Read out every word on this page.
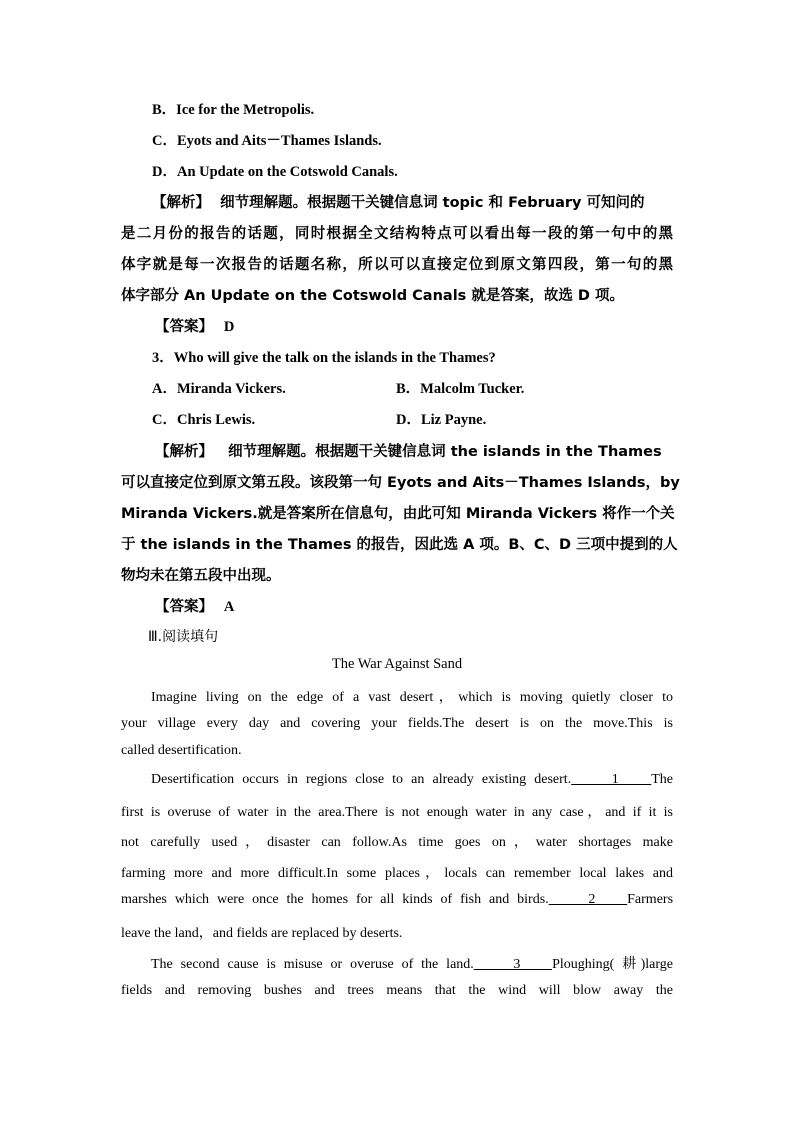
B．Ice for the Metropolis.
C．Eyots and Aits－Thames Islands.
D．An Update on the Cotswold Canals.
【解析】 细节理解题。根据题干关键信息词 topic 和 February 可知问的
是二月份的报告的话题，同时根据全文结构特点可以看出每一段的第一句中的黑
体字就是每一次报告的话题名称，所以可以直接定位到原文第四段，第一句的黑
体字部分 An Update on the Cotswold Canals 就是答案，故选 D 项。
【答案】 D
3．Who will give the talk on the islands in the Thames?
A．Miranda Vickers.	B．Malcolm Tucker.
C．Chris Lewis.	D．Liz Payne.
【解析】 细节理解题。根据题干关键信息词 the islands in the Thames
可以直接定位到原文第五段。该段第一句 Eyots and Aits－Thames Islands，by
Miranda Vickers.就是答案所在信息句，由此可知 Miranda Vickers 将作一个关
于 the islands in the Thames 的报告，因此选 A 项。B、C、D 三项中提到的人
物均未在第五段中出现。
【答案】 A
Ⅲ.阅读填句
The War Against Sand
Imagine living on the edge of a vast desert，which is moving quietly closer to
your village every day and covering your fields.The desert is on the move.This is
called desertification.
Desertification occurs in regions close to an already existing desert.	1 The
first is overuse of water in the area.There is not enough water in any case，and if it is
not carefully used，disaster can follow.As time goes on，water shortages make
farming more and more difficult.In some places，locals can remember local lakes and
marshes which were once the homes for all kinds of fish and birds.	2 Farmers
leave the land，and fields are replaced by deserts.
The second cause is misuse or overuse of the land.	3 Ploughing( 耕)large
fields and removing bushes and trees means that the wind will blow away the
